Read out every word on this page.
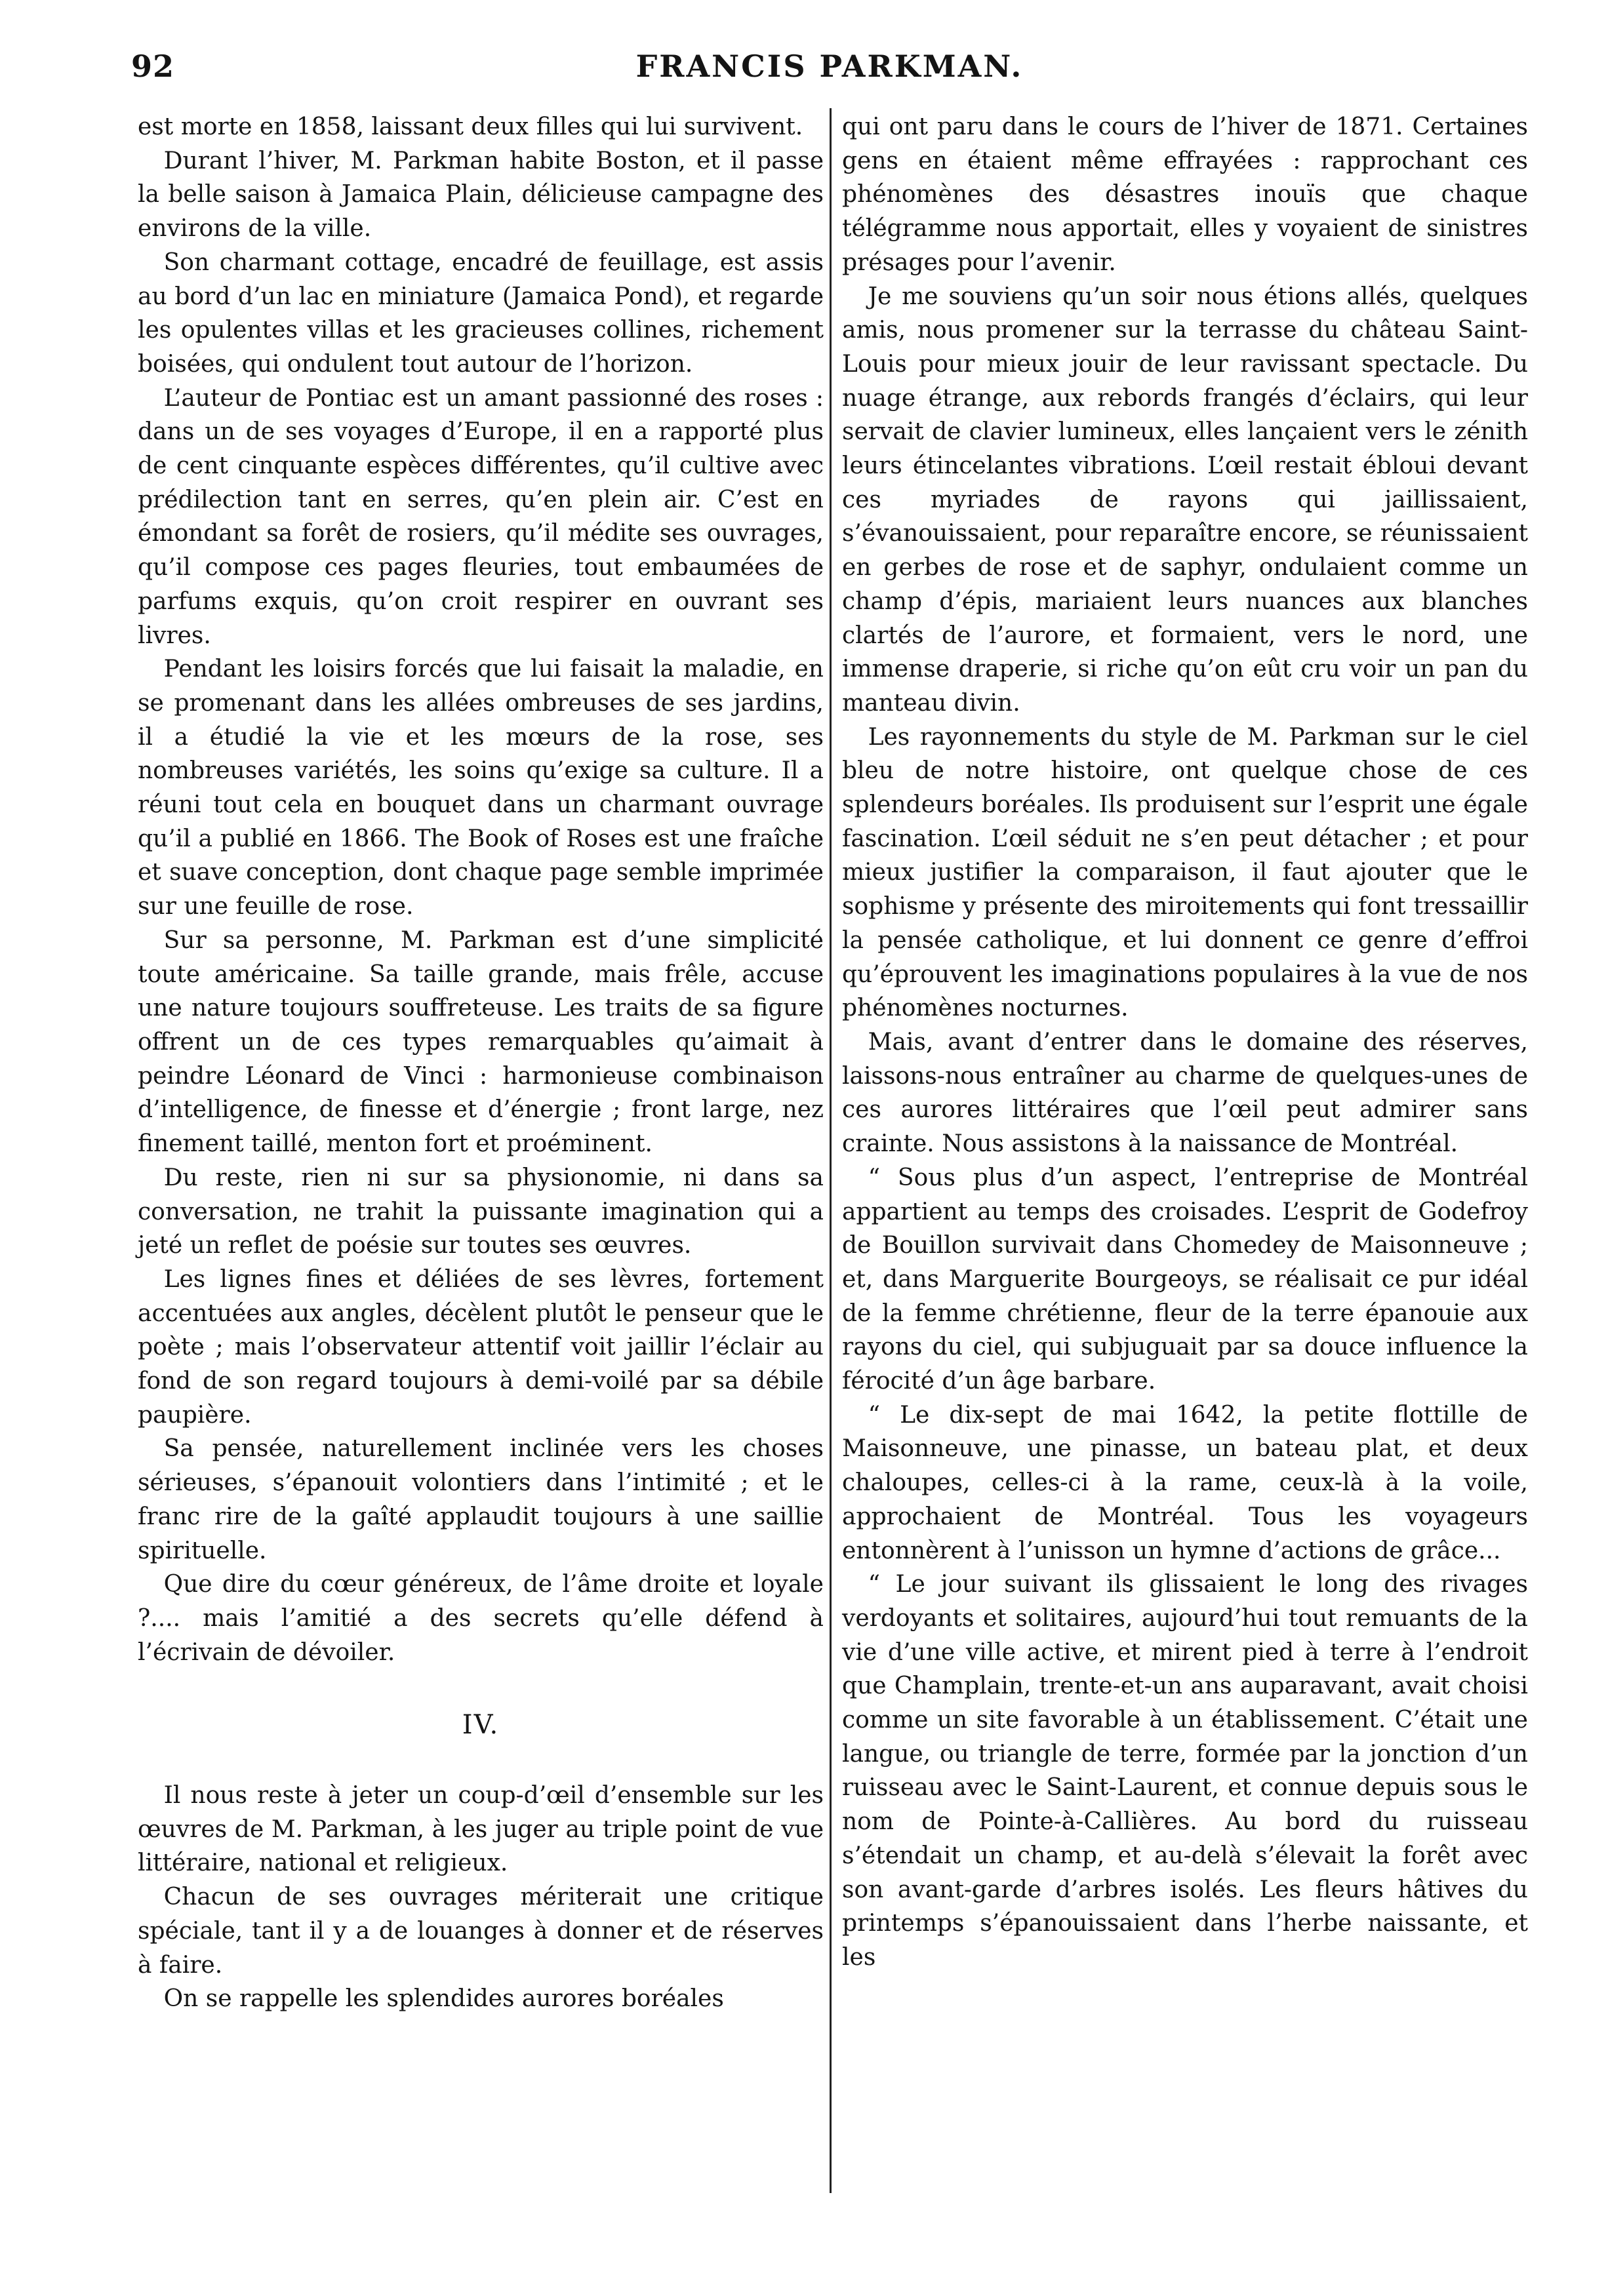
92	FRANCIS PARKMAN.

est morte en 1858, laissant deux filles qui lui survivent.

Durant l’hiver, M. Parkman habite Boston, et il passe la belle saison à Jamaica Plain, délicieuse campagne des environs de la ville.

Son charmant cottage, encadré de feuillage, est assis au bord d’un lac en miniature (Jamaica Pond), et regarde les opulentes villas et les gracieuses collines, richement boisées, qui ondulent tout autour de l’horizon.

L’auteur de Pontiac est un amant passionné des roses : dans un de ses voyages d’Europe, il en a rapporté plus de cent cinquante espèces différentes, qu’il cultive avec prédilection tant en serres, qu’en plein air. C’est en émondant sa forêt de rosiers, qu’il médite ses ouvrages, qu’il compose ces pages fleuries, tout embaumées de parfums exquis, qu’on croit respirer en ouvrant ses livres.

Pendant les loisirs forcés que lui faisait la maladie, en se promenant dans les allées ombreuses de ses jardins, il a étudié la vie et les mœurs de la rose, ses nombreuses variétés, les soins qu’exige sa culture. Il a réuni tout cela en bouquet dans un charmant ouvrage qu’il a publié en 1866. The Book of Roses est une fraîche et suave conception, dont chaque page semble imprimée sur une feuille de rose.

Sur sa personne, M. Parkman est d’une simplicité toute américaine. Sa taille grande, mais frêle, accuse une nature toujours souffreteuse. Les traits de sa figure offrent un de ces types remarquables qu’aimait à peindre Léonard de Vinci : harmonieuse combinaison d’intelligence, de finesse et d’énergie ; front large, nez finement taillé, menton fort et proéminent.

Du reste, rien ni sur sa physionomie, ni dans sa conversation, ne trahit la puissante imagination qui a jeté un reflet de poésie sur toutes ses œuvres.

Les lignes fines et déliées de ses lèvres, fortement accentuées aux angles, décèlent plutôt le penseur que le poète ; mais l’observateur attentif voit jaillir l’éclair au fond de son regard toujours à demi-voilé par sa débile paupière.

Sa pensée, naturellement inclinée vers les choses sérieuses, s’épanouit volontiers dans l’intimité ; et le franc rire de la gaîté applaudit toujours à une saillie spirituelle.

Que dire du cœur généreux, de l’âme droite et loyale ?.... mais l’amitié a des secrets qu’elle défend à l’écrivain de dévoiler.

IV.

Il nous reste à jeter un coup-d’œil d’ensemble sur les œuvres de M. Parkman, à les juger au triple point de vue littéraire, national et religieux.

Chacun de ses ouvrages mériterait une critique spéciale, tant il y a de louanges à donner et de réserves à faire.

On se rappelle les splendides aurores boréales

qui ont paru dans le cours de l’hiver de 1871. Certaines gens en étaient même effrayées : rapprochant ces phénomènes des désastres inouïs que chaque télégramme nous apportait, elles y voyaient de sinistres présages pour l’avenir.

Je me souviens qu’un soir nous étions allés, quelques amis, nous promener sur la terrasse du château Saint-Louis pour mieux jouir de leur ravissant spectacle. Du nuage étrange, aux rebords frangés d’éclairs, qui leur servait de clavier lumineux, elles lançaient vers le zénith leurs étincelantes vibrations. L’œil restait ébloui devant ces myriades de rayons qui jaillissaient, s’évanouissaient, pour reparaître encore, se réunissaient en gerbes de rose et de saphyr, ondulaient comme un champ d’épis, mariaient leurs nuances aux blanches clartés de l’aurore, et formaient, vers le nord, une immense draperie, si riche qu’on eût cru voir un pan du manteau divin.

Les rayonnements du style de M. Parkman sur le ciel bleu de notre histoire, ont quelque chose de ces splendeurs boréales. Ils produisent sur l’esprit une égale fascination. L’œil séduit ne s’en peut détacher ; et pour mieux justifier la comparaison, il faut ajouter que le sophisme y présente des miroitements qui font tressaillir la pensée catholique, et lui donnent ce genre d’effroi qu’éprouvent les imaginations populaires à la vue de nos phénomènes nocturnes.

Mais, avant d’entrer dans le domaine des réserves, laissons-nous entraîner au charme de quelques-unes de ces aurores littéraires que l’œil peut admirer sans crainte. Nous assistons à la naissance de Montréal.

“ Sous plus d’un aspect, l’entreprise de Montréal appartient au temps des croisades. L’esprit de Godefroy de Bouillon survivait dans Chomedey de Maisonneuve ; et, dans Marguerite Bourgeoys, se réalisait ce pur idéal de la femme chrétienne, fleur de la terre épanouie aux rayons du ciel, qui subjuguait par sa douce influence la férocité d’un âge barbare.

“ Le dix-sept de mai 1642, la petite flottille de Maisonneuve, une pinasse, un bateau plat, et deux chaloupes, celles-ci à la rame, ceux-là à la voile, approchaient de Montréal. Tous les voyageurs entonnèrent à l’unisson un hymne d’actions de grâce...

“ Le jour suivant ils glissaient le long des rivages verdoyants et solitaires, aujourd’hui tout remuants de la vie d’une ville active, et mirent pied à terre à l’endroit que Champlain, trente-et-un ans auparavant, avait choisi comme un site favorable à un établissement. C’était une langue, ou triangle de terre, formée par la jonction d’un ruisseau avec le Saint-Laurent, et connue depuis sous le nom de Pointe-à-Callières. Au bord du ruisseau s’étendait un champ, et au-delà s’élevait la forêt avec son avant-garde d’arbres isolés. Les fleurs hâtives du printemps s’épanouissaient dans l’herbe naissante, et les
